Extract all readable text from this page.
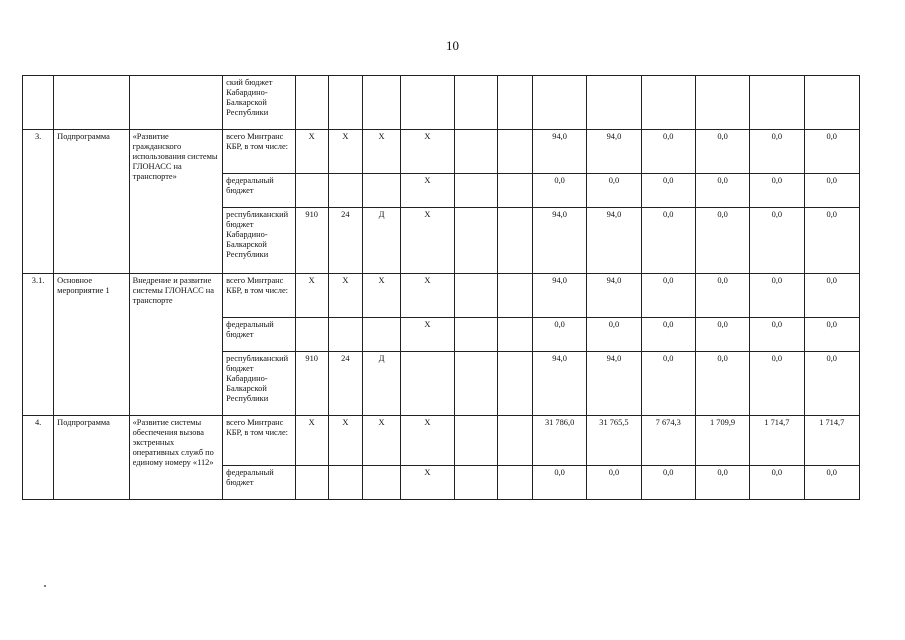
10
			ский бюджет Кабардино-Балкарской Республики												
3.	Подпрограмма	«Развитие гражданского использования системы ГЛОНАСС на транспорте»	всего Минтранс КБР, в том числе:	X	X	X	X			94,0	94,0	0,0	0,0	0,0	0,0
			федеральный бюджет				X			0,0	0,0	0,0	0,0	0,0	0,0
			республиканский бюджет Кабардино-Балкарской Республики	910	24	Д	X			94,0	94,0	0,0	0,0	0,0	0,0
3.1.	Основное мероприятие 1	Внедрение и развитие системы ГЛОНАСС на транспорте	всего Минтранс КБР, в том числе:	X	X	X	X			94,0	94,0	0,0	0,0	0,0	0,0
			федеральный бюджет				X			0,0	0,0	0,0	0,0	0,0	0,0
			республиканский бюджет Кабардино-Балкарской Республики	910	24	Д				94,0	94,0	0,0	0,0	0,0	0,0
4.	Подпрограмма	«Развитие системы обеспечения вызова экстренных оперативных служб по единому номеру «112»	всего Минтранс КБР, в том числе:	X	X	X	X			31 786,0	31 765,5	7 674,3	1 709,9	1 714,7	1 714,7
			федеральный бюджет				X			0,0	0,0	0,0	0,0	0,0	0,0
